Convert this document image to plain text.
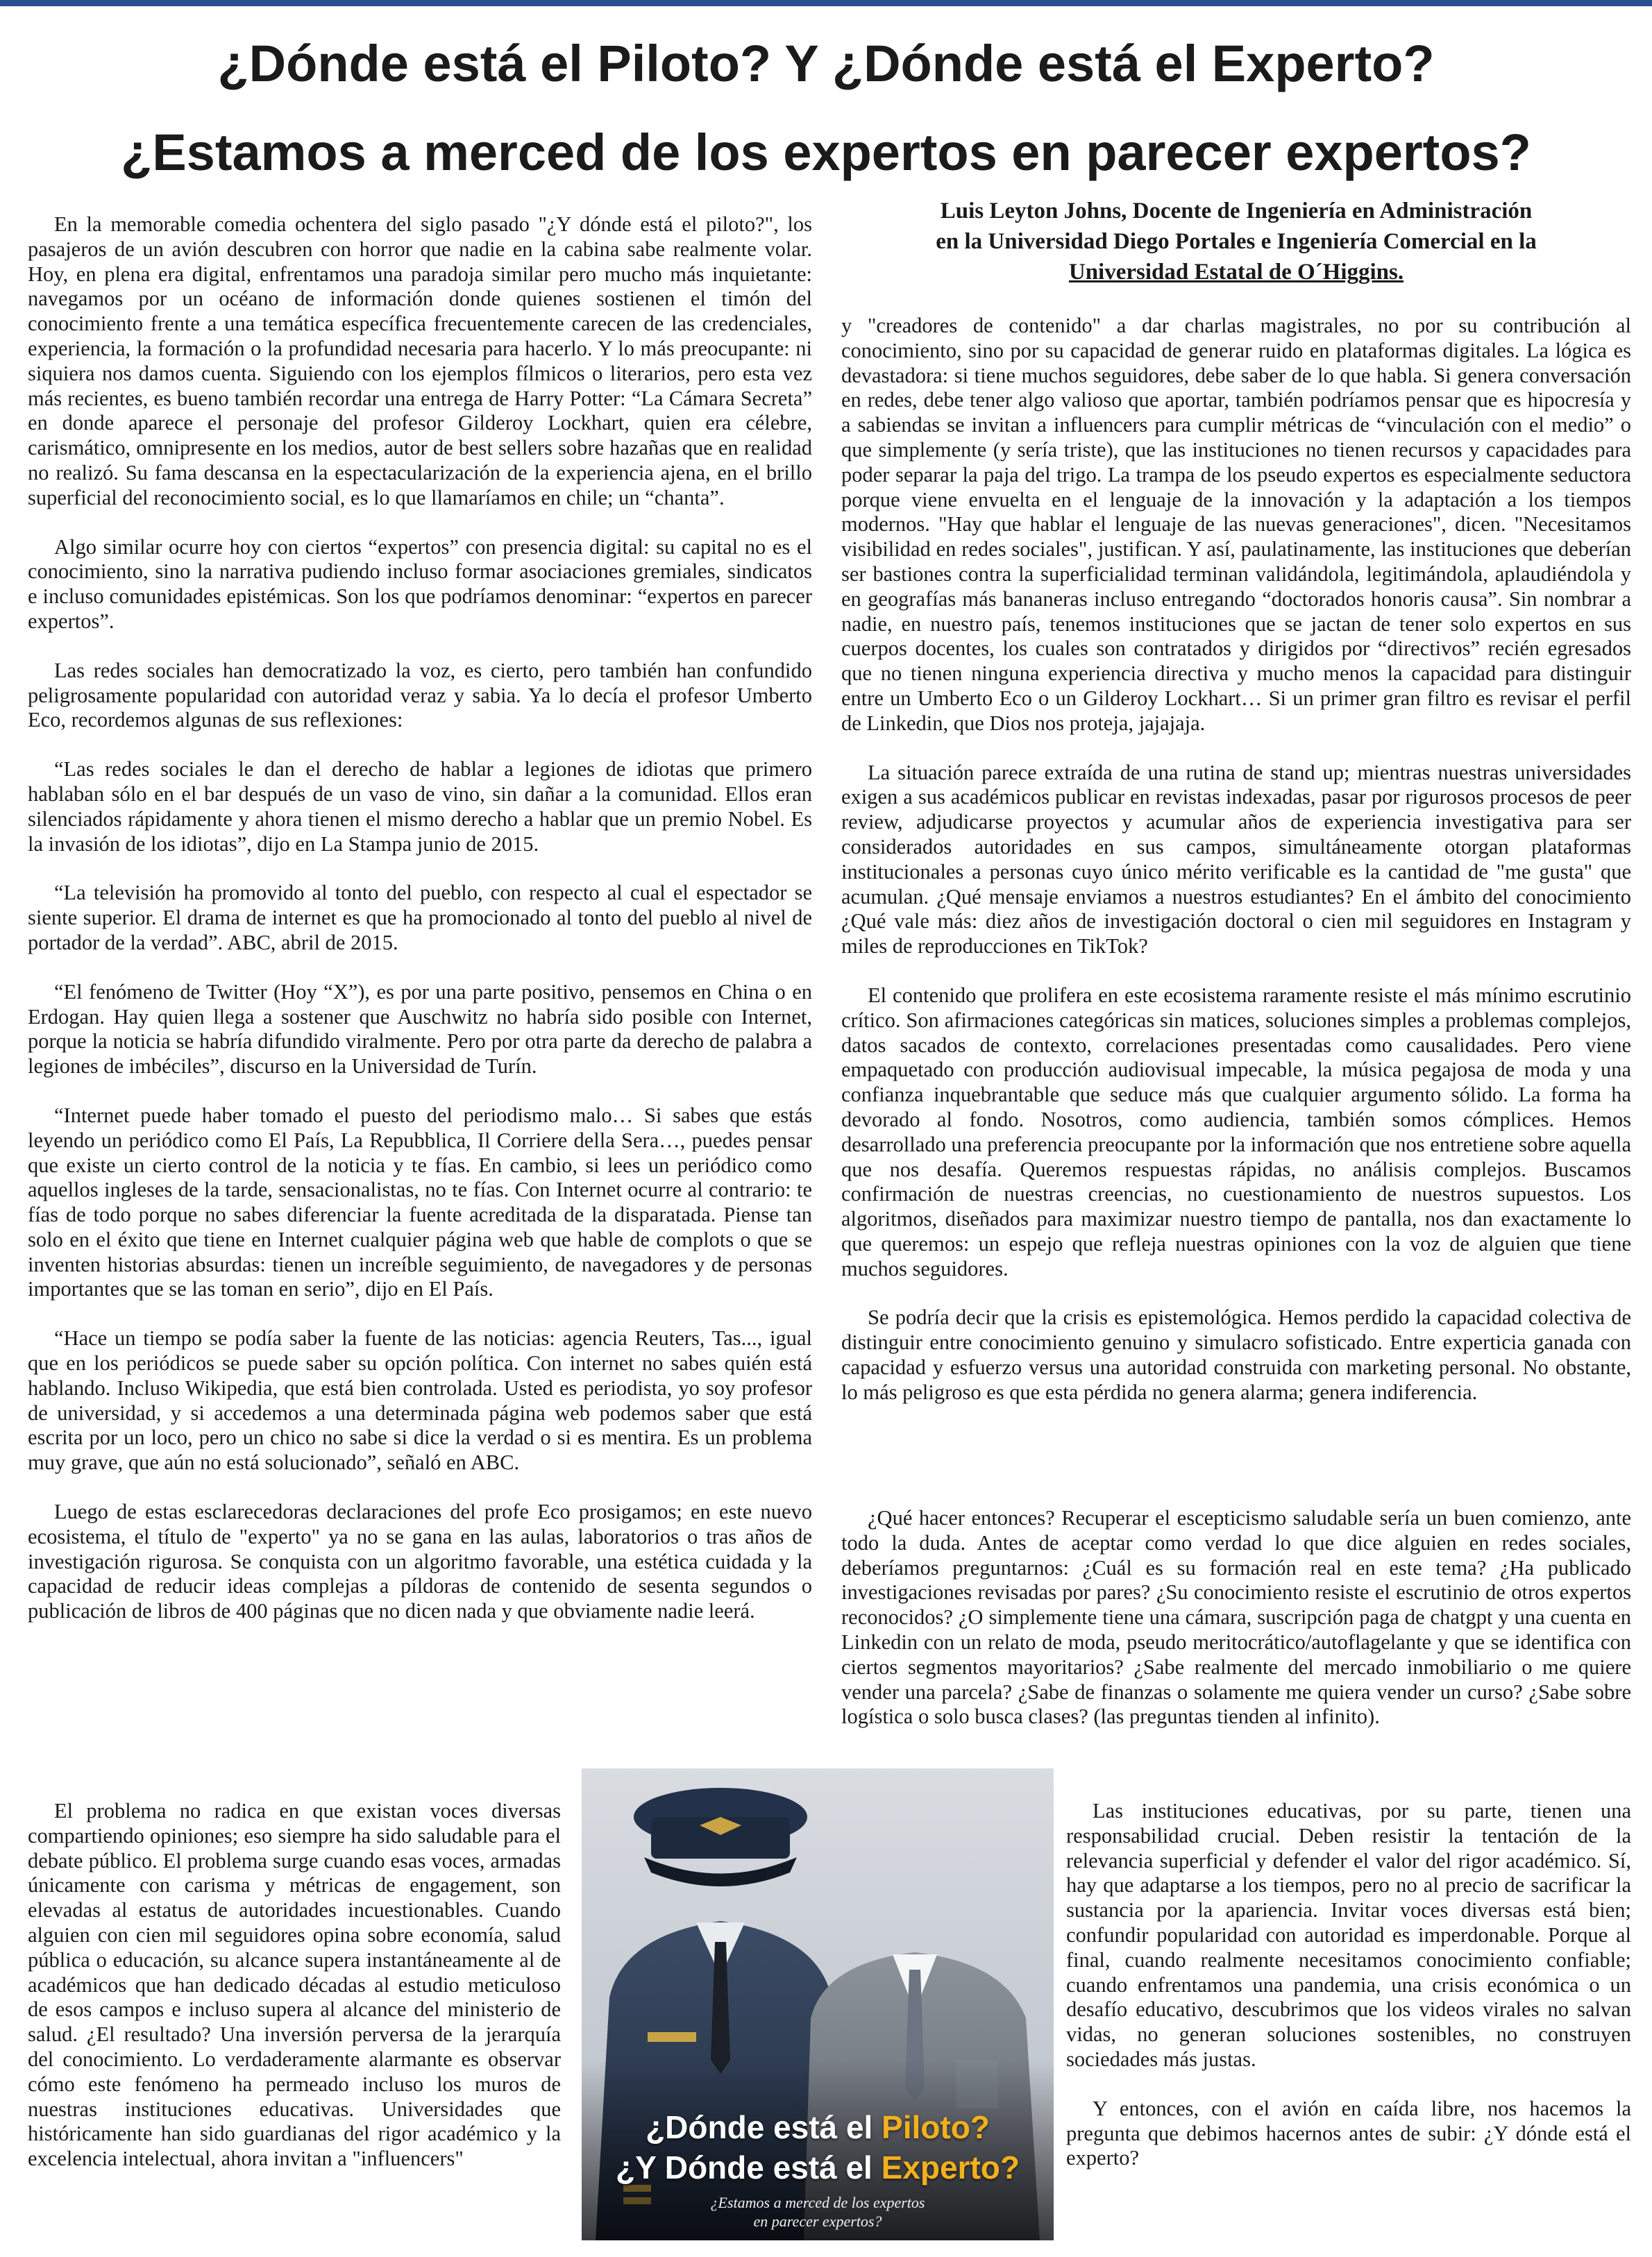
¿Dónde está el Piloto? Y ¿Dónde está el Experto?
¿Estamos a merced de los expertos en parecer expertos?

En la memorable comedia ochentera del siglo pasado "¿Y dónde está el piloto?", los pasajeros de un avión descubren con horror que nadie en la cabina sabe realmente volar. Hoy, en plena era digital, enfrentamos una paradoja similar pero mucho más inquietante: navegamos por un océano de información donde quienes sostienen el timón del conocimiento frente a una temática específica frecuentemente carecen de las credenciales, experiencia, la formación o la profundidad necesaria para hacerlo. Y lo más preocupante: ni siquiera nos damos cuenta. Siguiendo con los ejemplos fílmicos o literarios, pero esta vez más recientes, es bueno también recordar una entrega de Harry Potter: “La Cámara Secreta” en donde aparece el personaje del profesor Gilderoy Lockhart, quien era célebre, carismático, omnipresente en los medios, autor de best sellers sobre hazañas que en realidad no realizó. Su fama descansa en la espectacularización de la experiencia ajena, en el brillo superficial del reconocimiento social, es lo que llamaríamos en chile; un “chanta”.

Algo similar ocurre hoy con ciertos “expertos” con presencia digital: su capital no es el conocimiento, sino la narrativa pudiendo incluso formar asociaciones gremiales, sindicatos e incluso comunidades epistémicas. Son los que podríamos denominar: “expertos en parecer expertos”.

Las redes sociales han democratizado la voz, es cierto, pero también han confundido peligrosamente popularidad con autoridad veraz y sabia. Ya lo decía el profesor Umberto Eco, recordemos algunas de sus reflexiones:

“Las redes sociales le dan el derecho de hablar a legiones de idiotas que primero hablaban sólo en el bar después de un vaso de vino, sin dañar a la comunidad. Ellos eran silenciados rápidamente y ahora tienen el mismo derecho a hablar que un premio Nobel. Es la invasión de los idiotas”, dijo en La Stampa junio de 2015.

“La televisión ha promovido al tonto del pueblo, con respecto al cual el espectador se siente superior. El drama de internet es que ha promocionado al tonto del pueblo al nivel de portador de la verdad”. ABC, abril de 2015.

“El fenómeno de Twitter (Hoy “X”), es por una parte positivo, pensemos en China o en Erdogan. Hay quien llega a sostener que Auschwitz no habría sido posible con Internet, porque la noticia se habría difundido viralmente. Pero por otra parte da derecho de palabra a legiones de imbéciles”, discurso en la Universidad de Turín.

“Internet puede haber tomado el puesto del periodismo malo… Si sabes que estás leyendo un periódico como El País, La Repubblica, Il Corriere della Sera…, puedes pensar que existe un cierto control de la noticia y te fías. En cambio, si lees un periódico como aquellos ingleses de la tarde, sensacionalistas, no te fías. Con Internet ocurre al contrario: te fías de todo porque no sabes diferenciar la fuente acreditada de la disparatada. Piense tan solo en el éxito que tiene en Internet cualquier página web que hable de complots o que se inventen historias absurdas: tienen un increíble seguimiento, de navegadores y de personas importantes que se las toman en serio”, dijo en El País.

“Hace un tiempo se podía saber la fuente de las noticias: agencia Reuters, Tas..., igual que en los periódicos se puede saber su opción política. Con internet no sabes quién está hablando. Incluso Wikipedia, que está bien controlada. Usted es periodista, yo soy profesor de universidad, y si accedemos a una determinada página web podemos saber que está escrita por un loco, pero un chico no sabe si dice la verdad o si es mentira. Es un problema muy grave, que aún no está solucionado”, señaló en ABC.

Luego de estas esclarecedoras declaraciones del profe Eco prosigamos; en este nuevo ecosistema, el título de "experto" ya no se gana en las aulas, laboratorios o tras años de investigación rigurosa. Se conquista con un algoritmo favorable, una estética cuidada y la capacidad de reducir ideas complejas a píldoras de contenido de sesenta segundos o publicación de libros de 400 páginas que no dicen nada y que obviamente nadie leerá.

El problema no radica en que existan voces diversas compartiendo opiniones; eso siempre ha sido saludable para el debate público. El problema surge cuando esas voces, armadas únicamente con carisma y métricas de engagement, son elevadas al estatus de autoridades incuestionables. Cuando alguien con cien mil seguidores opina sobre economía, salud pública o educación, su alcance supera instantáneamente al de académicos que han dedicado décadas al estudio meticuloso de esos campos e incluso supera al alcance del ministerio de salud. ¿El resultado? Una inversión perversa de la jerarquía del conocimiento. Lo verdaderamente alarmante es observar cómo este fenómeno ha permeado incluso los muros de nuestras instituciones educativas. Universidades que históricamente han sido guardianas del rigor académico y la excelencia intelectual, ahora invitan a "influencers"

Luis Leyton Johns, Docente de Ingeniería en Administración
en la Universidad Diego Portales e Ingeniería Comercial en la
Universidad Estatal de O´Higgins.

y "creadores de contenido" a dar charlas magistrales, no por su contribución al conocimiento, sino por su capacidad de generar ruido en plataformas digitales. La lógica es devastadora: si tiene muchos seguidores, debe saber de lo que habla. Si genera conversación en redes, debe tener algo valioso que aportar, también podríamos pensar que es hipocresía y a sabiendas se invitan a influencers para cumplir métricas de “vinculación con el medio” o que simplemente (y sería triste), que las instituciones no tienen recursos y capacidades para poder separar la paja del trigo. La trampa de los pseudo expertos es especialmente seductora porque viene envuelta en el lenguaje de la innovación y la adaptación a los tiempos modernos. "Hay que hablar el lenguaje de las nuevas generaciones", dicen. "Necesitamos visibilidad en redes sociales", justifican. Y así, paulatinamente, las instituciones que deberían ser bastiones contra la superficialidad terminan validándola, legitimándola, aplaudiéndola y en geografías más bananeras incluso entregando “doctorados honoris causa”. Sin nombrar a nadie, en nuestro país, tenemos instituciones que se jactan de tener solo expertos en sus cuerpos docentes, los cuales son contratados y dirigidos por “directivos” recién egresados que no tienen ninguna experiencia directiva y mucho menos la capacidad para distinguir entre un Umberto Eco o un Gilderoy Lockhart… Si un primer gran filtro es revisar el perfil de Linkedin, que Dios nos proteja, jajajaja.

La situación parece extraída de una rutina de stand up; mientras nuestras universidades exigen a sus académicos publicar en revistas indexadas, pasar por rigurosos procesos de peer review, adjudicarse proyectos y acumular años de experiencia investigativa para ser considerados autoridades en sus campos, simultáneamente otorgan plataformas institucionales a personas cuyo único mérito verificable es la cantidad de "me gusta" que acumulan. ¿Qué mensaje enviamos a nuestros estudiantes? En el ámbito del conocimiento ¿Qué vale más: diez años de investigación doctoral o cien mil seguidores en Instagram y miles de reproducciones en TikTok?

El contenido que prolifera en este ecosistema raramente resiste el más mínimo escrutinio crítico. Son afirmaciones categóricas sin matices, soluciones simples a problemas complejos, datos sacados de contexto, correlaciones presentadas como causalidades. Pero viene empaquetado con producción audiovisual impecable, la música pegajosa de moda y una confianza inquebrantable que seduce más que cualquier argumento sólido. La forma ha devorado al fondo. Nosotros, como audiencia, también somos cómplices. Hemos desarrollado una preferencia preocupante por la información que nos entretiene sobre aquella que nos desafía. Queremos respuestas rápidas, no análisis complejos. Buscamos confirmación de nuestras creencias, no cuestionamiento de nuestros supuestos. Los algoritmos, diseñados para maximizar nuestro tiempo de pantalla, nos dan exactamente lo que queremos: un espejo que refleja nuestras opiniones con la voz de alguien que tiene muchos seguidores.

Se podría decir que la crisis es epistemológica. Hemos perdido la capacidad colectiva de distinguir entre conocimiento genuino y simulacro sofisticado. Entre experticia ganada con capacidad y esfuerzo versus una autoridad construida con marketing personal. No obstante, lo más peligroso es que esta pérdida no genera alarma; genera indiferencia.

¿Qué hacer entonces? Recuperar el escepticismo saludable sería un buen comienzo, ante todo la duda. Antes de aceptar como verdad lo que dice alguien en redes sociales, deberíamos preguntarnos: ¿Cuál es su formación real en este tema? ¿Ha publicado investigaciones revisadas por pares? ¿Su conocimiento resiste el escrutinio de otros expertos reconocidos? ¿O simplemente tiene una cámara, suscripción paga de chatgpt y una cuenta en Linkedin con un relato de moda, pseudo meritocrático/autoflagelante y que se identifica con ciertos segmentos mayoritarios? ¿Sabe realmente del mercado inmobiliario o me quiere vender una parcela? ¿Sabe de finanzas o solamente me quiera vender un curso? ¿Sabe sobre logística o solo busca clases? (las preguntas tienden al infinito).

Las instituciones educativas, por su parte, tienen una responsabilidad crucial. Deben resistir la tentación de la relevancia superficial y defender el valor del rigor académico. Sí, hay que adaptarse a los tiempos, pero no al precio de sacrificar la sustancia por la apariencia. Invitar voces diversas está bien; confundir popularidad con autoridad es imperdonable. Porque al final, cuando realmente necesitamos conocimiento confiable; cuando enfrentamos una pandemia, una crisis económica o un desafío educativo, descubrimos que los videos virales no salvan vidas, no generan soluciones sostenibles, no construyen sociedades más justas.

Y entonces, con el avión en caída libre, nos hacemos la pregunta que debimos hacernos antes de subir: ¿Y dónde está el experto?

¿Dónde está el Piloto?
¿Y Dónde está el Experto?
¿Estamos a merced de los expertos
en parecer expertos?
